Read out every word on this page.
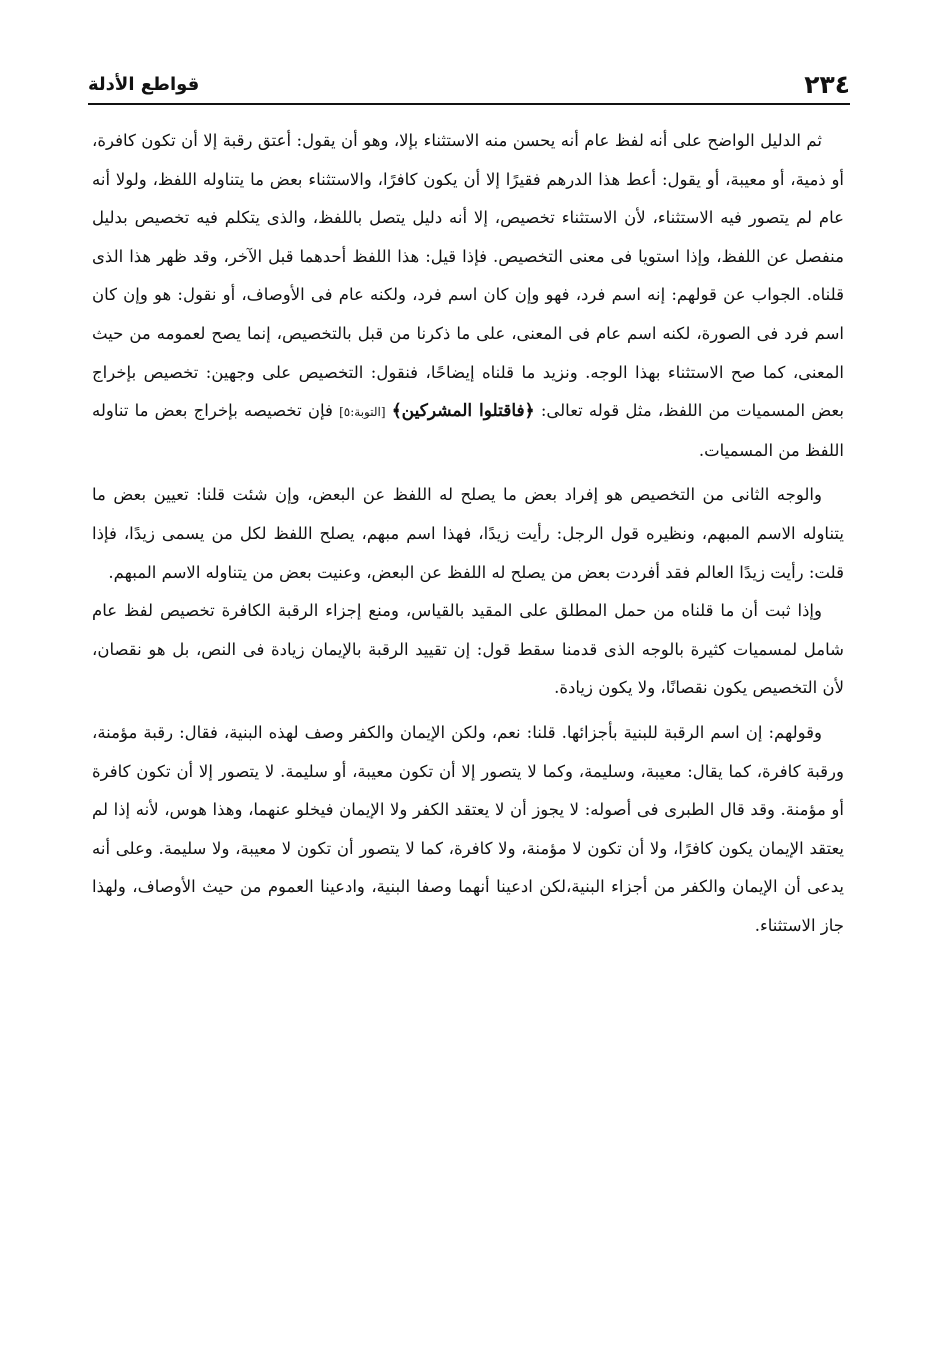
٢٣٤
قواطع الأدلة

ثم الدليل الواضح على أنه لفظ عام أنه يحسن منه الاستثناء بإلا، وهو أن يقول: أعتق رقبة إلا أن تكون كافرة، أو ذمية، أو معيبة، أو يقول: أعط هذا الدرهم فقيرًا إلا أن يكون كافرًا، والاستثناء بعض ما يتناوله اللفظ، ولولا أنه عام لم يتصور فيه الاستثناء، لأن الاستثناء تخصيص، إلا أنه دليل يتصل باللفظ، والذى يتكلم فيه تخصيص بدليل منفصل عن اللفظ، وإذا استويا فى معنى التخصيص. فإذا قيل: هذا اللفظ أحدهما قبل الآخر، وقد ظهر هذا الذى قلناه. الجواب عن قولهم: إنه اسم فرد، فهو وإن كان اسم فرد، ولكنه عام فى الأوصاف، أو نقول: هو وإن كان اسم فرد فى الصورة، لكنه اسم عام فى المعنى، على ما ذكرنا من قبل بالتخصيص، إنما يصح لعمومه من حيث المعنى، كما صح الاستثناء بهذا الوجه. ونزيد ما قلناه إيضاحًا، فنقول: التخصيص على وجهين: تخصيص بإخراج بعض المسميات من اللفظ، مثل قوله تعالى: ﴿فاقتلوا المشركين﴾ [التوبة:٥] فإن تخصيصه بإخراج بعض ما تناوله اللفظ من المسميات.

والوجه الثانى من التخصيص هو إفراد بعض ما يصلح له اللفظ عن البعض، وإن شئت قلنا: تعيين بعض ما يتناوله الاسم المبهم، ونظيره قول الرجل: رأيت زيدًا، فهذا اسم مبهم، يصلح اللفظ لكل من يسمى زيدًا، فإذا قلت: رأيت زيدًا العالم فقد أفردت بعض من يصلح له اللفظ عن البعض، وعنيت بعض من يتناوله الاسم المبهم.

وإذا ثبت أن ما قلناه من حمل المطلق على المقيد بالقياس، ومنع إجزاء الرقبة الكافرة تخصيص لفظ عام شامل لمسميات كثيرة بالوجه الذى قدمنا سقط قول: إن تقييد الرقبة بالإيمان زيادة فى النص، بل هو نقصان، لأن التخصيص يكون نقصانًا، ولا يكون زيادة.

وقولهم: إن اسم الرقبة للبنية بأجزائها. قلنا: نعم، ولكن الإيمان والكفر وصف لهذه البنية، فقال: رقبة مؤمنة، ورقبة كافرة، كما يقال: معيبة، وسليمة، وكما لا يتصور إلا أن تكون معيبة، أو سليمة. لا يتصور إلا أن تكون كافرة أو مؤمنة. وقد قال الطبرى فى أصوله: لا يجوز أن لا يعتقد الكفر ولا الإيمان فيخلو عنهما، وهذا هوس، لأنه إذا لم يعتقد الإيمان يكون كافرًا، ولا أن تكون لا مؤمنة، ولا كافرة، كما لا يتصور أن تكون لا معيبة، ولا سليمة. وعلى أنه يدعى أن الإيمان والكفر من أجزاء البنية،لكن ادعينا أنهما وصفا البنية، وادعينا العموم من حيث الأوصاف، ولهذا جاز الاستثناء.
